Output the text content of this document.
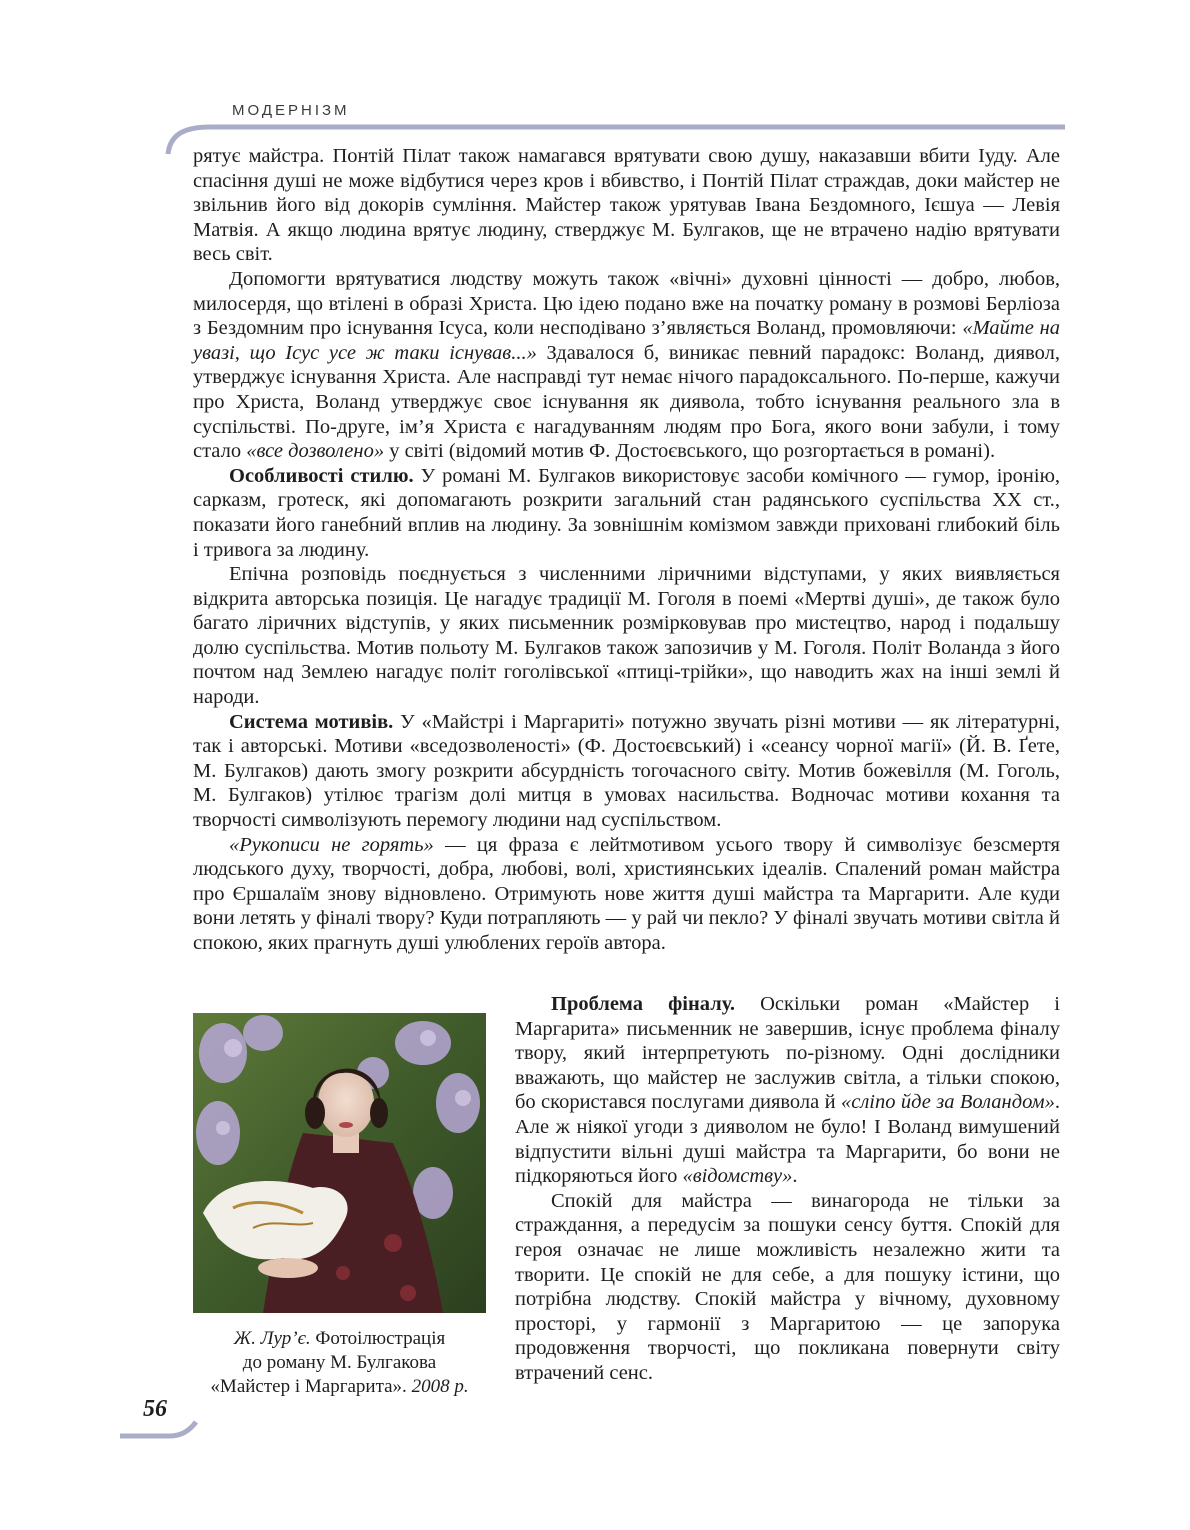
МОДЕРНІЗМ

рятує майстра. Понтій Пілат також намагався врятувати свою душу, наказавши вбити Іуду. Але спасіння душі не може відбутися через кров і вбивство, і Понтій Пілат страждав, доки майстер не звільнив його від докорів сумління. Майстер також урятував Івана Бездомного, Ієшуа — Левія Матвія. А якщо людина врятує людину, стверджує М. Булгаков, ще не втрачено надію врятувати весь світ.

Допомогти врятуватися людству можуть також «вічні» духовні цінності — добро, любов, милосердя, що втілені в образі Христа. Цю ідею подано вже на початку роману в розмові Берліоза з Бездомним про існування Ісуса, коли несподівано з’являється Воланд, промовляючи: «Майте на увазі, що Ісус усе ж таки існував...» Здавалося б, виникає певний парадокс: Воланд, диявол, утверджує існування Христа. Але насправді тут немає нічого парадоксального. По-перше, кажучи про Христа, Воланд утверджує своє існування як диявола, тобто існування реального зла в суспільстві. По-друге, ім’я Христа є нагадуванням людям про Бога, якого вони забули, і тому стало «все дозволено» у світі (відомий мотив Ф. Достоєвського, що розгортається в романі).

Особливості стилю. У романі М. Булгаков використовує засоби комічного — гумор, іронію, сарказм, гротеск, які допомагають розкрити загальний стан радянського суспільства XX ст., показати його ганебний вплив на людину. За зовнішнім комізмом завжди приховані глибокий біль і тривога за людину.

Епічна розповідь поєднується з численними ліричними відступами, у яких виявляється відкрита авторська позиція. Це нагадує традиції М. Гоголя в поемі «Мертві душі», де також було багато ліричних відступів, у яких письменник розмірковував про мистецтво, народ і подальшу долю суспільства. Мотив польоту М. Булгаков також запозичив у М. Гоголя. Політ Воланда з його почтом над Землею нагадує політ гоголівської «птиці-трійки», що наводить жах на інші землі й народи.

Система мотивів. У «Майстрі і Маргариті» потужно звучать різні мотиви — як літературні, так і авторські. Мотиви «вседозволеності» (Ф. Достоєвський) і «сеансу чорної магії» (Й. В. Ґете, М. Булгаков) дають змогу розкрити абсурдність тогочасного світу. Мотив божевілля (М. Гоголь, М. Булгаков) утілює трагізм долі митця в умовах насильства. Водночас мотиви кохання та творчості символізують перемогу людини над суспільством.

«Рукописи не горять» — ця фраза є лейтмотивом усього твору й символізує безсмертя людського духу, творчості, добра, любові, волі, християнських ідеалів. Спалений роман майстра про Єршалаїм знову відновлено. Отримують нове життя душі майстра та Маргарити. Але куди вони летять у фіналі твору? Куди потрапляють — у рай чи пекло? У фіналі звучать мотиви світла й спокою, яких прагнуть душі улюблених героїв автора.

Проблема фіналу. Оскільки роман «Майстер і Маргарита» письменник не завершив, існує проблема фіналу твору, який інтерпретують по-різному. Одні дослідники вважають, що майстер не заслужив світла, а тільки спокою, бо скористався послугами диявола й «сліпо йде за Воландом». Але ж ніякої угоди з дияволом не було! І Воланд вимушений відпустити вільні душі майстра та Маргарити, бо вони не підкоряються його «відомству».

Спокій для майстра — винагорода не тільки за страждання, а передусім за пошуки сенсу буття. Спокій для героя означає не лише можливість незалежно жити та творити. Це спокій не для себе, а для пошуку істини, що потрібна людству. Спокій майстра у вічному, духовному просторі, у гармонії з Маргаритою — це запорука продовження творчості, що покликана повернути світу втрачений сенс.

Ж. Лур’є. Фотоілюстрація
до роману М. Булгакова
«Майстер і Маргарита». 2008 р.
56
